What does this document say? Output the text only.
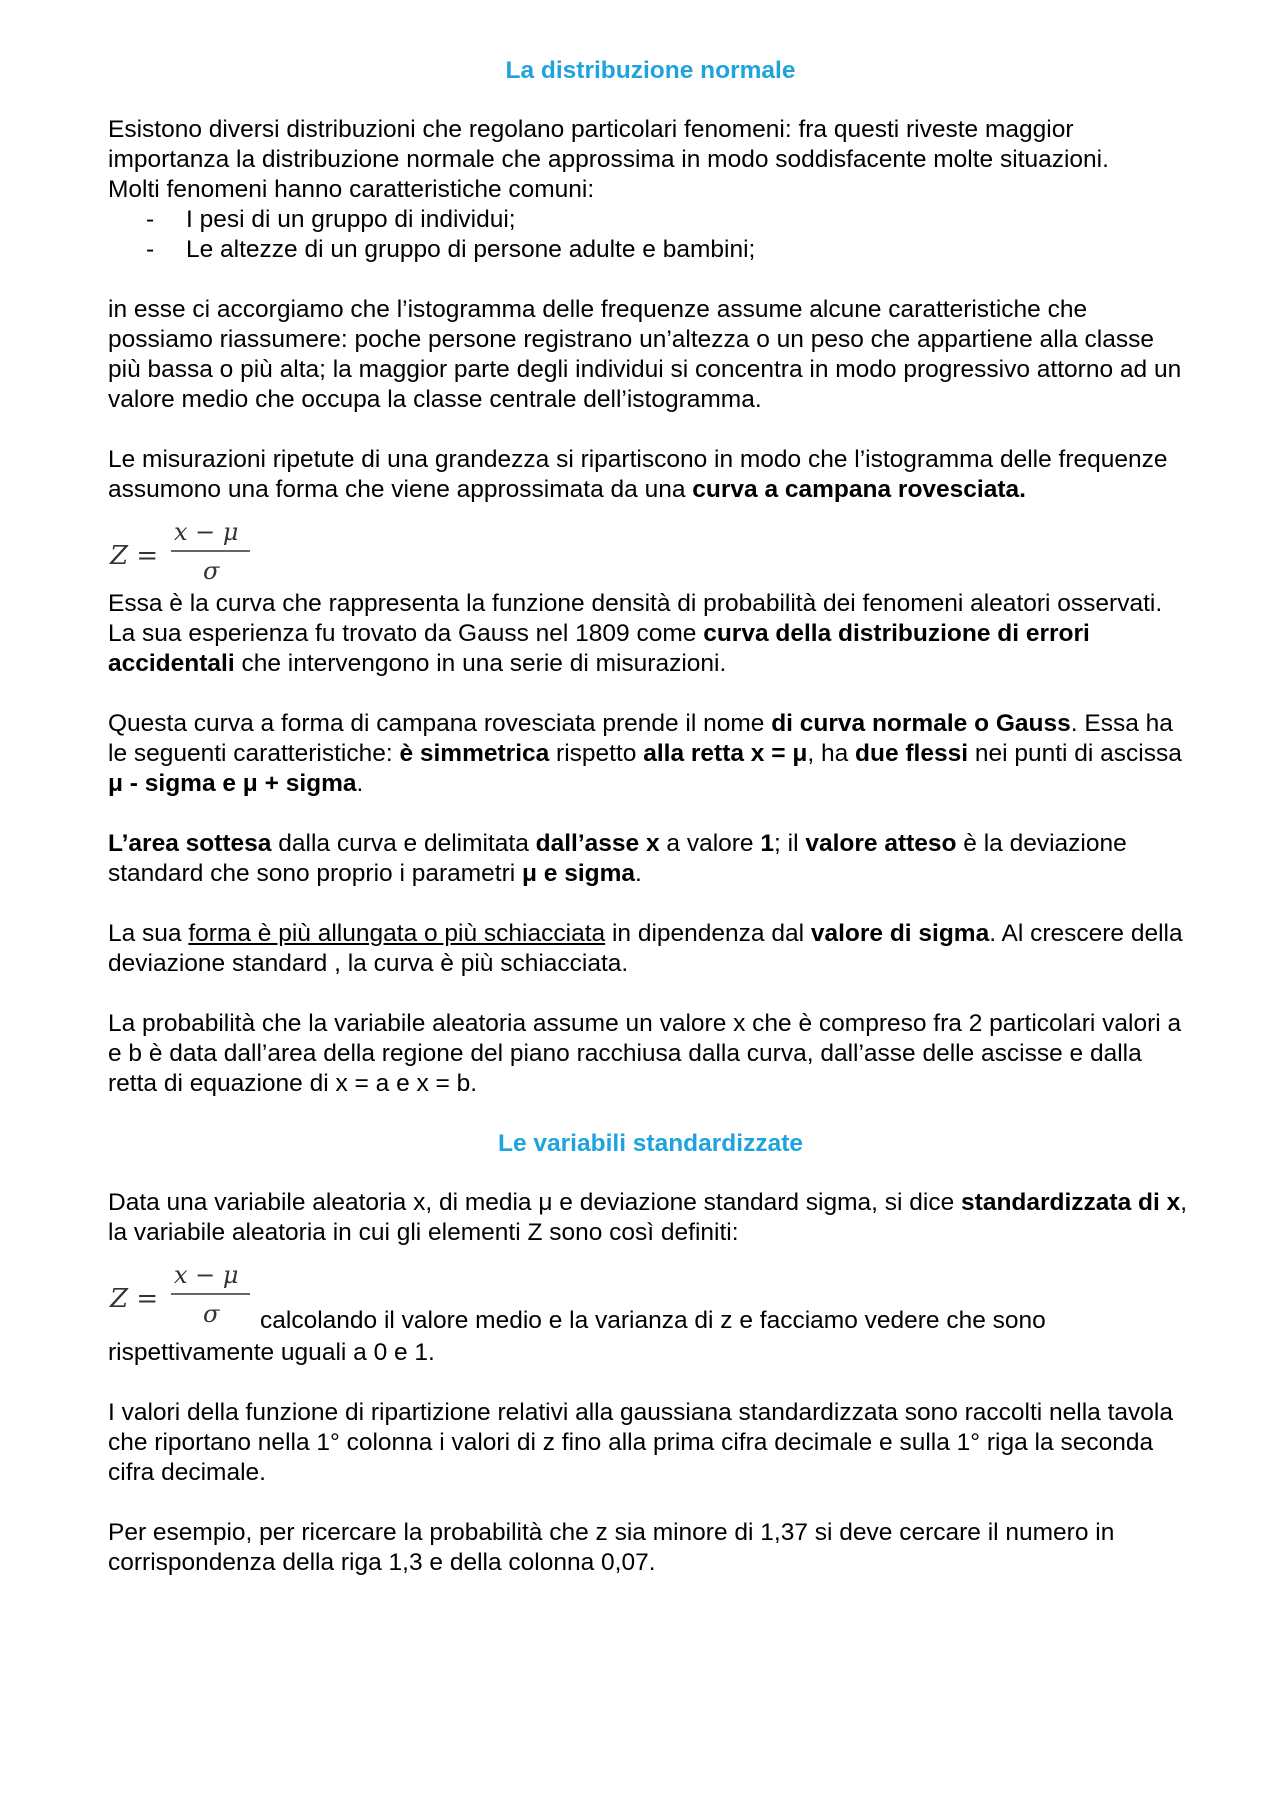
La distribuzione normale

Esistono diversi distribuzioni che regolano particolari fenomeni: fra questi riveste maggior importanza la distribuzione normale che approssima in modo soddisfacente molte situazioni.

Molti fenomeni hanno caratteristiche comuni:

- I pesi di un gruppo di individui;
- Le altezze di un gruppo di persone adulte e bambini;

in esse ci accorgiamo che l’istogramma delle frequenze assume alcune caratteristiche che possiamo riassumere: poche persone registrano un’altezza o un peso che appartiene alla classe più bassa o più alta; la maggior parte degli individui si concentra in modo progressivo attorno ad un valore medio che occupa la classe centrale dell’istogramma.

Le misurazioni ripetute di una grandezza si ripartiscono in modo che l’istogramma delle frequenze assumono una forma che viene approssimata da una curva a campana rovesciata.

Z =
x − μ
σ

Essa è la curva che rappresenta la funzione densità di probabilità dei fenomeni aleatori osservati. La sua esperienza fu trovato da Gauss nel 1809 come curva della distribuzione di errori accidentali che intervengono in una serie di misurazioni.

Questa curva a forma di campana rovesciata prende il nome di curva normale o Gauss. Essa ha le seguenti caratteristiche: è simmetrica rispetto alla retta x = μ, ha due flessi nei punti di ascissa μ - sigma e μ + sigma.

L’area sottesa dalla curva e delimitata dall’asse x a valore 1; il valore atteso è la deviazione standard che sono proprio i parametri μ e sigma.

La sua forma è più allungata o più schiacciata in dipendenza dal valore di sigma. Al crescere della deviazione standard , la curva è più schiacciata.

La probabilità che la variabile aleatoria assume un valore x che è compreso fra 2 particolari valori a e b è data dall’area della regione del piano racchiusa dalla curva, dall’asse delle ascisse e dalla retta di equazione di x = a e x = b.

Le variabili standardizzate

Data una variabile aleatoria x, di media μ e deviazione standard sigma, si dice standardizzata di x, la variabile aleatoria in cui gli elementi Z sono così definiti:

Z =
x − μ
σ calcolando il valore medio e la varianza di z e facciamo vedere che sono

rispettivamente uguali a 0 e 1.

I valori della funzione di ripartizione relativi alla gaussiana standardizzata sono raccolti nella tavola che riportano nella 1° colonna i valori di z fino alla prima cifra decimale e sulla 1° riga la seconda cifra decimale.

Per esempio, per ricercare la probabilità che z sia minore di 1,37 si deve cercare il numero in corrispondenza della riga 1,3 e della colonna 0,07.
